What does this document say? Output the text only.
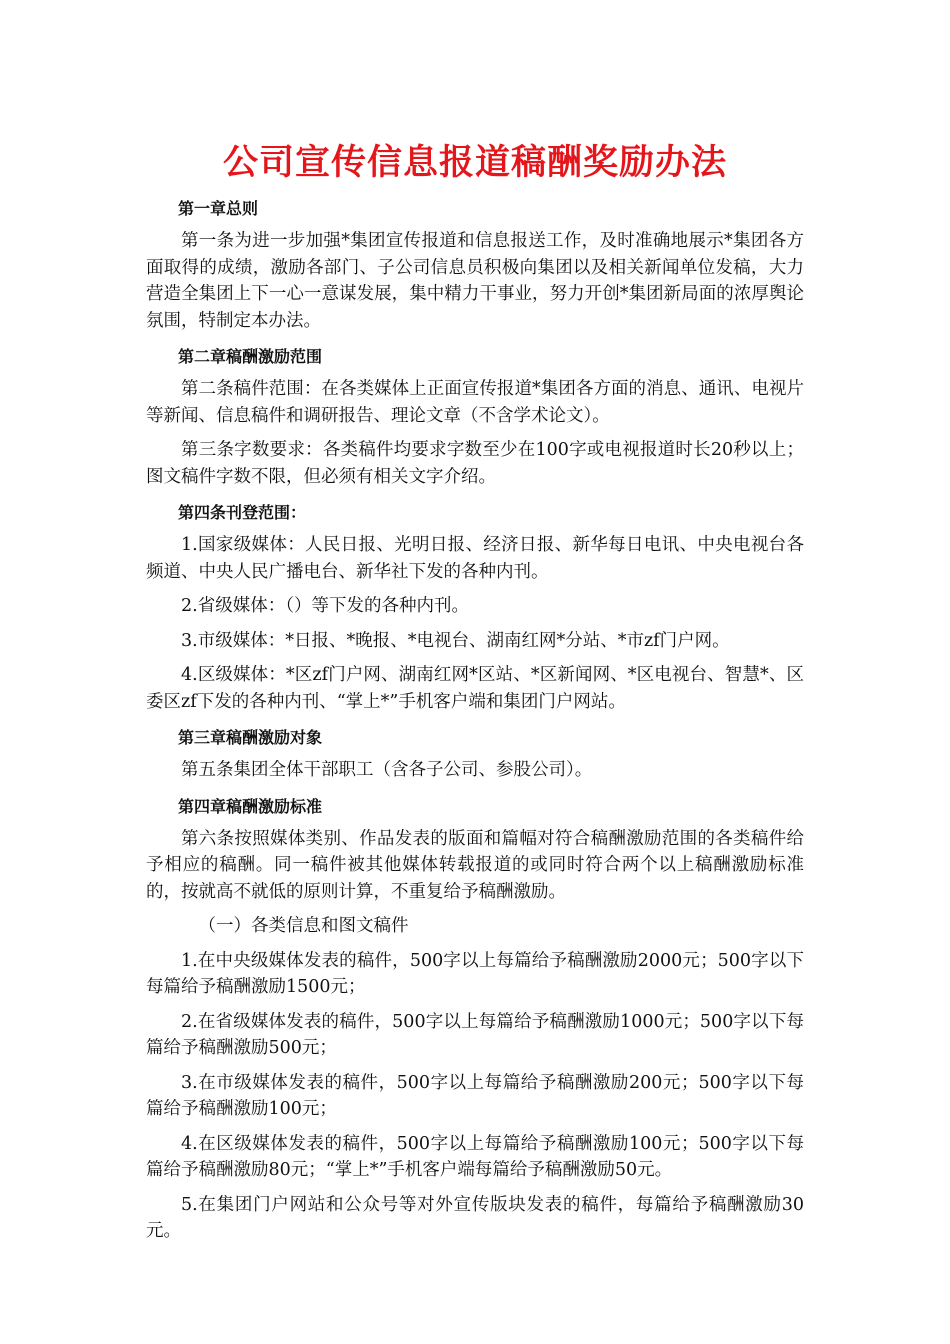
公司宣传信息报道稿酬奖励办法
第一章总则

第一条为进一步加强*集团宣传报道和信息报送工作，及时准确地展示*集团各方面取得的成绩，激励各部门、子公司信息员积极向集团以及相关新闻单位发稿，大力营造全集团上下一心一意谋发展，集中精力干事业，努力开创*集团新局面的浓厚舆论氛围，特制定本办法。

第二章稿酬激励范围

第二条稿件范围：在各类媒体上正面宣传报道*集团各方面的消息、通讯、电视片等新闻、信息稿件和调研报告、理论文章（不含学术论文）。

第三条字数要求：各类稿件均要求字数至少在100字或电视报道时长20秒以上；图文稿件字数不限，但必须有相关文字介绍。

第四条刊登范围：

1.国家级媒体：人民日报、光明日报、经济日报、新华每日电讯、中央电视台各频道、中央人民广播电台、新华社下发的各种内刊。

2.省级媒体：（）等下发的各种内刊。

3.市级媒体：*日报、*晚报、*电视台、湖南红网*分站、*市zf门户网。

4.区级媒体：*区zf门户网、湖南红网*区站、*区新闻网、*区电视台、智慧*、区委区zf下发的各种内刊、“掌上*”手机客户端和集团门户网站。

第三章稿酬激励对象

第五条集团全体干部职工（含各子公司、参股公司）。

第四章稿酬激励标准

第六条按照媒体类别、作品发表的版面和篇幅对符合稿酬激励范围的各类稿件给予相应的稿酬。同一稿件被其他媒体转载报道的或同时符合两个以上稿酬激励标准的，按就高不就低的原则计算，不重复给予稿酬激励。

（一）各类信息和图文稿件

1.在中央级媒体发表的稿件，500字以上每篇给予稿酬激励2000元；500字以下每篇给予稿酬激励1500元；

2.在省级媒体发表的稿件，500字以上每篇给予稿酬激励1000元；500字以下每篇给予稿酬激励500元；

3.在市级媒体发表的稿件，500字以上每篇给予稿酬激励200元；500字以下每篇给予稿酬激励100元；

4.在区级媒体发表的稿件，500字以上每篇给予稿酬激励100元；500字以下每篇给予稿酬激励80元；“掌上*”手机客户端每篇给予稿酬激励50元。

5.在集团门户网站和公众号等对外宣传版块发表的稿件，每篇给予稿酬激励30元。
